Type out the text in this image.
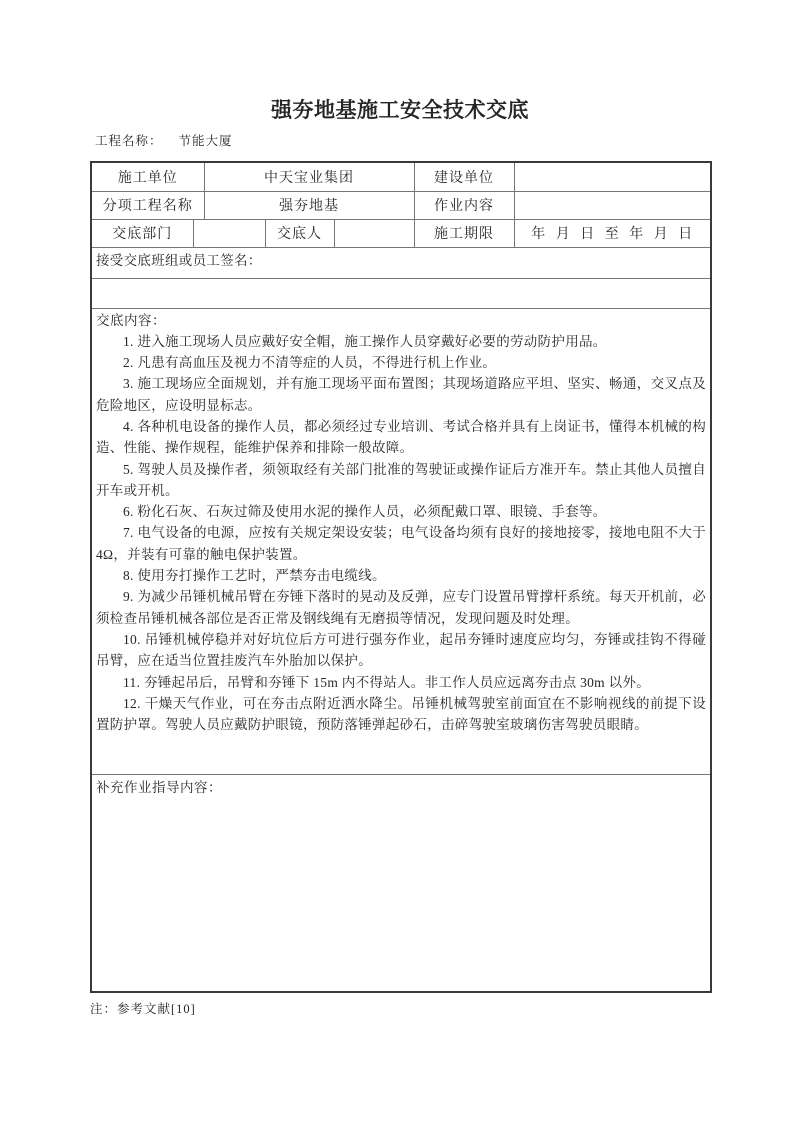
强夯地基施工安全技术交底
工程名称： 节能大厦
施工单位		中天宝业集团			建设单位	
分项工程名称		强夯地基			作业内容	
交底部门			交底人		施工期限	年 月 日 至 年 月 日
接受交底班组或员工签名：						

交底内容：

1. 进入施工现场人员应戴好安全帽，施工操作人员穿戴好必要的劳动防护用品。

2. 凡患有高血压及视力不清等症的人员，不得进行机上作业。

3. 施工现场应全面规划，并有施工现场平面布置图；其现场道路应平坦、坚实、畅通，交叉点及危险地区，应设明显标志。

4. 各种机电设备的操作人员，都必须经过专业培训、考试合格并具有上岗证书，懂得本机械的构造、性能、操作规程，能维护保养和排除一般故障。

5. 驾驶人员及操作者，须领取经有关部门批准的驾驶证或操作证后方准开车。禁止其他人员擅自开车或开机。

6. 粉化石灰、石灰过筛及使用水泥的操作人员，必须配戴口罩、眼镜、手套等。

7. 电气设备的电源，应按有关规定架设安装；电气设备均须有良好的接地接零，接地电阻不大于 4Ω，并装有可靠的触电保护装置。

8. 使用夯打操作工艺时，严禁夯击电缆线。

9. 为减少吊锤机械吊臂在夯锤下落时的晃动及反弹，应专门设置吊臂撑杆系统。每天开机前，必须检查吊锤机械各部位是否正常及钢线绳有无磨损等情况，发现问题及时处理。

10. 吊锤机械停稳并对好坑位后方可进行强夯作业，起吊夯锤时速度应均匀，夯锤或挂钩不得碰吊臂，应在适当位置挂废汽车外胎加以保护。

11. 夯锤起吊后，吊臂和夯锤下 15m 内不得站人。非工作人员应远离夯击点 30m 以外。

12. 干燥天气作业，可在夯击点附近洒水降尘。吊锤机械驾驶室前面宜在不影响视线的前提下设置防护罩。驾驶人员应戴防护眼镜，预防落锤弹起砂石，击碎驾驶室玻璃伤害驾驶员眼睛。

补充作业指导内容：						
注：参考文献[10]
